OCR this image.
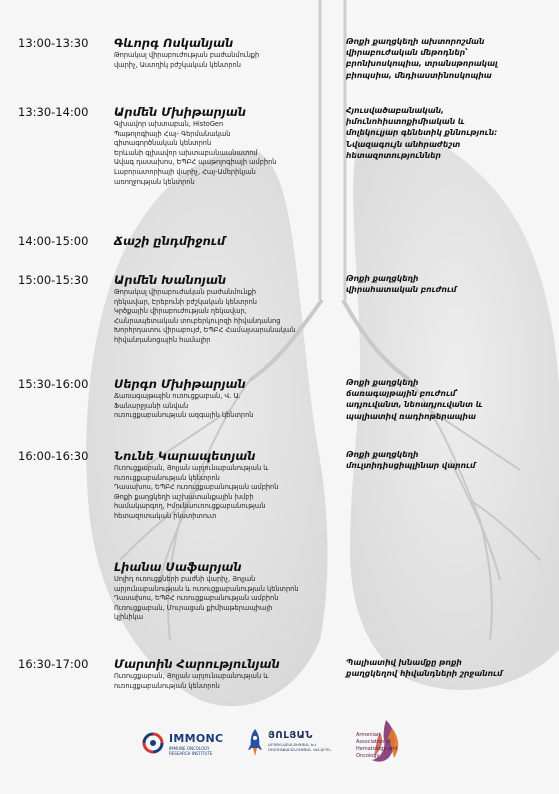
13:00-13:30 Գևորգ Ոսկանյան
Թորակալ վիրաբուժության բաժանմունքի
վարիչ, Աստղիկ բժշկական կենտրոն
Թոքի քաղցկեղի ախտորոշման
վիրաբուժական մեթոդներ՝
բրոնխոսկոպիա, տրանսթորակալ
բիոպսիա, մեդիաստինոսկոպիա
13:30-14:00 Արմեն Մխիթարյան
Գլխավոր ախտաբան, HistoGen
Պաթոլոգիայի Հայ- Գերմանական
գիտագործնական կենտրոն
Երևանի գլխավոր ախտաբանաանատոմ
Ավագ դասախոս, ԵՊԲՀ պաթոլոգիայի ամբիոն
Լաբորատորիայի վարիչ, Հայ-Ամերիկյան
առողջության կենտրոն
Հյուսվածաբանական,
իմունոհիստոքիմիական և
մոլեկուլյար գենետիկ քննություն։
Նվազագույն անհրաժեշտ
հետազոտություններ
14:00-15:00 Ճաշի ընդմիջում
15:00-15:30 Արմեն Խանոյան
Թորակալ վիրաբուժական բաժանմունքի
ղեկավար, Էրեբունի բժշկական կենտրոն
Կրծքային վիրաբուժության ղեկավար,
Հանրապետական տուբերկուլոզի հիվանդանոց
Խորհրդատու վիրաբույժ, ԵՊԲՀ Համալսարանական
հիվանդանոցային համալիր
Թոքի քաղցկեղի
վիրահատական բուժում
15:30-16:00 Սերգո Մխիթարյան
Ճառագայթային ուռուցքաբան, Վ. Ա.
Ֆանարջյանի անվան
ուռուցքաբանության ազգային կենտրոն
Թոքի քաղցկեղի
ճառագայթային բուժում՝
ադյուվանտ, նեոադյուվանտ և
պալիատիվ ռադիոթերապիա
16:00-16:30 Նունե Կարապետյան
Ուռուցքաբան, Յոլյան արյունաբանության և
ուռուցքաբանության կենտրոն
Դասախոս, ԵՊԲՀ ուռուցքաբանության ամբիոն
Թոքի քաղցկեղի աշխատանքային խմբի
համակարգող, Իմունաուռուցքաբանության
հետազոտական ինստիտուտ
Թոքի քաղցկեղի
մուլտիդիսցիպլինար վարում
Լիանա Սաֆարյան
Սոլիդ ուռուցքների բաժնի վարիչ, Յոլյան
արյունաբանության և ուռուցքաբանության կենտրոն
Դասախոս, ԵՊԲՀ ուռուցքաբանության ամբիոն
Ուռուցքաբան, Մուրացան քիմիաթերապիայի
կլինիկա
16:30-17:00 Մարտին Հարությունյան
Ուռուցքաբան, Յոլյան արյունաբանության և
ուռուցքաբանության կենտրոն
Պալիատիվ խնամքը թոքի
քաղցկեղով հիվանդների շրջանում
IMMONC
IMMUNE ONCOLOGY
RESEARCH INSTITUTE
ՅՈԼՅԱՆ
ԱՐՅՈՒՆԱԲԱՆՈՒԹՅԱՆ ԵՎ
ՈՒՌՈՒՑՔԱԲԱՆՈՒԹՅԱՆ ԿԵՆՏՐՈՆ
Armenian
Association of
Hematology and
Oncology
